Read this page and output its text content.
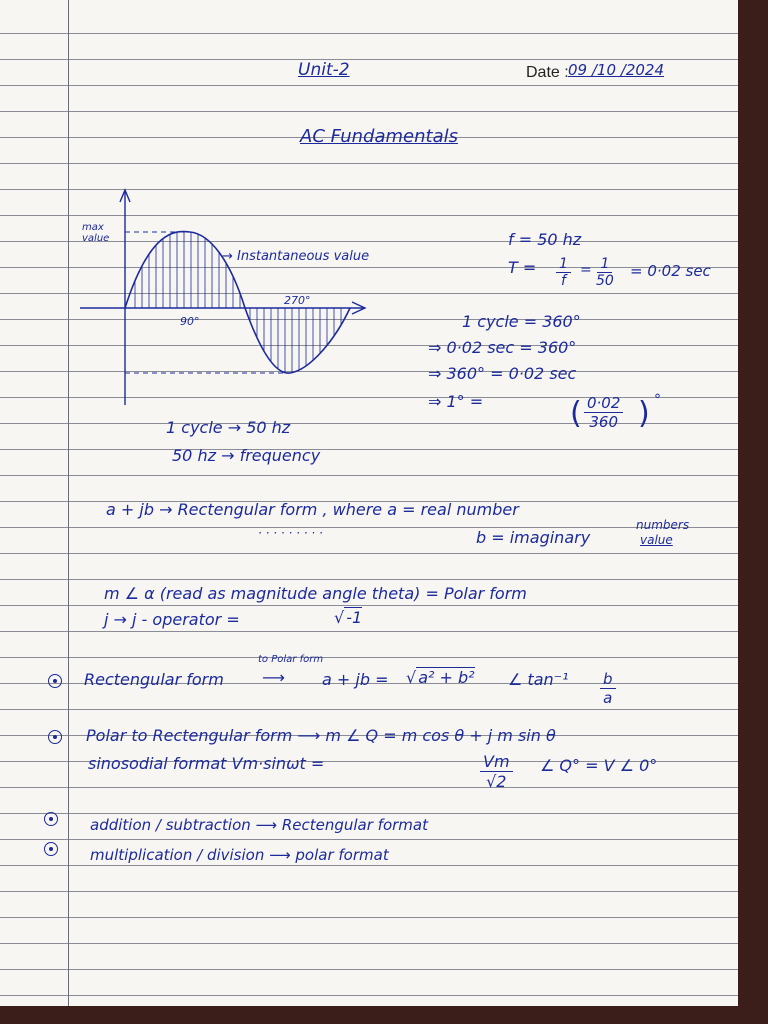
Unit-2	Date : 09 /10 /2024
AC Fundamentals
max
value
90°
270°
→ Instantaneous value
f = 50 hz
$T = \frac{1}{f} = \frac{1}{50} = 0\cdot 02$ sec
1 cycle = 360°
⇒ 0·02 sec = 360°
⇒ 360° = 0·02 sec
⇒ 1° =	( $\frac{0\cdot 02}{360}$ ) °
1 cycle → 50 hz
50 hz → frequency
a + jb → Rectengular form , where a = real number
· · · · · · · · ·	b = imaginary
numbers
value
m ∠ α (read as magnitude angle theta) = Polar form
j → j - operator =	√ -1
Rectengular form
to Polar form
⟶ a + jb = √ a² + b² ∠ $\tan^{-1} \frac{b}{a}$
Polar to Rectengular form ⟶ m ∠ Q = m cos θ + j m sin θ
sinosodial format Vm·sinωt =	$\frac{Vm}{√2}$ ∠ Q° = V ∠ 0°
addition / subtraction ⟶ Rectengular format
multiplication / division ⟶ polar format
